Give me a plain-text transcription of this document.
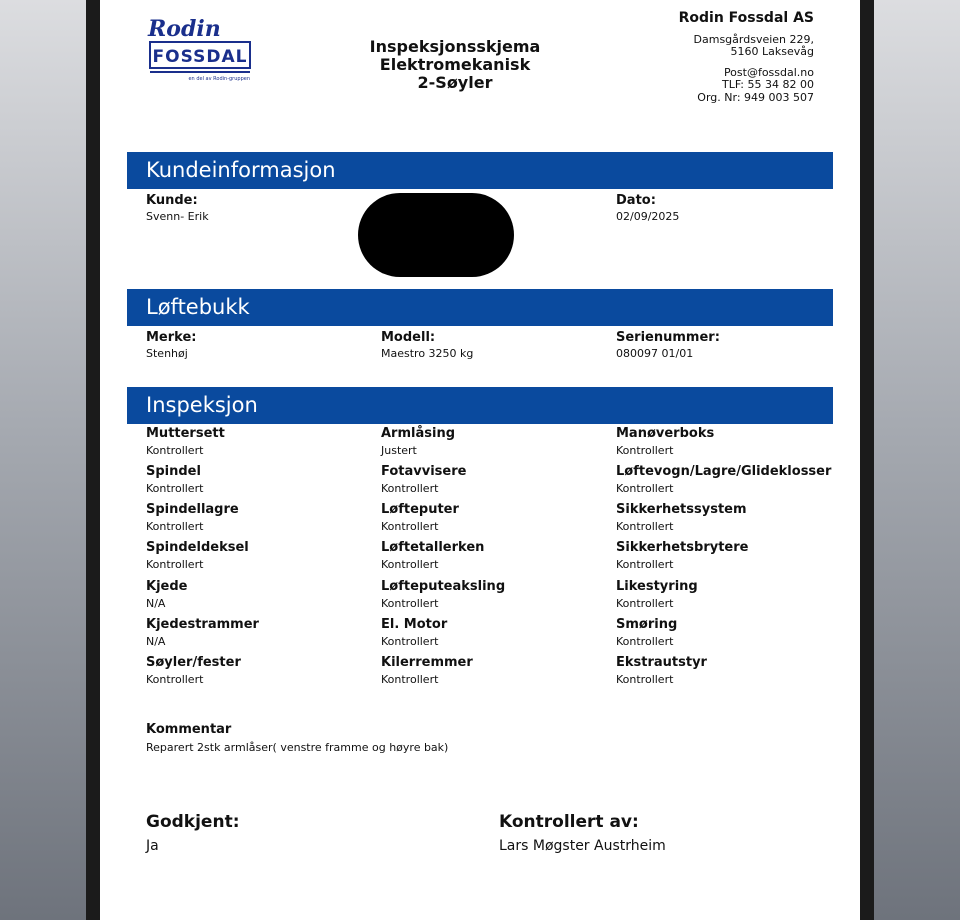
Rodin
FOSSDAL
en del av Rodin-gruppen
Inspeksjonsskjema
Elektromekanisk
2-Søyler
Rodin Fossdal AS
Damsgårdsveien 229,
5160 Laksevåg
Post@fossdal.no
TLF: 55 34 82 00
Org. Nr: 949 003 507
Kundeinformasjon
Kunde:
Svenn- Erik
Dato:
02/09/2025
Løftebukk
Merke:
Stenhøj
Modell:
Maestro 3250 kg
Serienummer:
080097 01/01
Inspeksjon
Muttersett
Kontrollert
Spindel
Kontrollert
Spindellagre
Kontrollert
Spindeldeksel
Kontrollert
Kjede
N/A
Kjedestrammer
N/A
Søyler/fester
Kontrollert
Armlåsing
Justert
Fotavvisere
Kontrollert
Løfteputer
Kontrollert
Løftetallerken
Kontrollert
Løfteputeaksling
Kontrollert
El. Motor
Kontrollert
Kilerremmer
Kontrollert
Manøverboks
Kontrollert
Løftevogn/Lagre/Glideklosser
Kontrollert
Sikkerhetssystem
Kontrollert
Sikkerhetsbrytere
Kontrollert
Likestyring
Kontrollert
Smøring
Kontrollert
Ekstrautstyr
Kontrollert
Kommentar
Reparert 2stk armlåser( venstre framme og høyre bak)
Godkjent:
Ja
Kontrollert av:
Lars Møgster Austrheim
